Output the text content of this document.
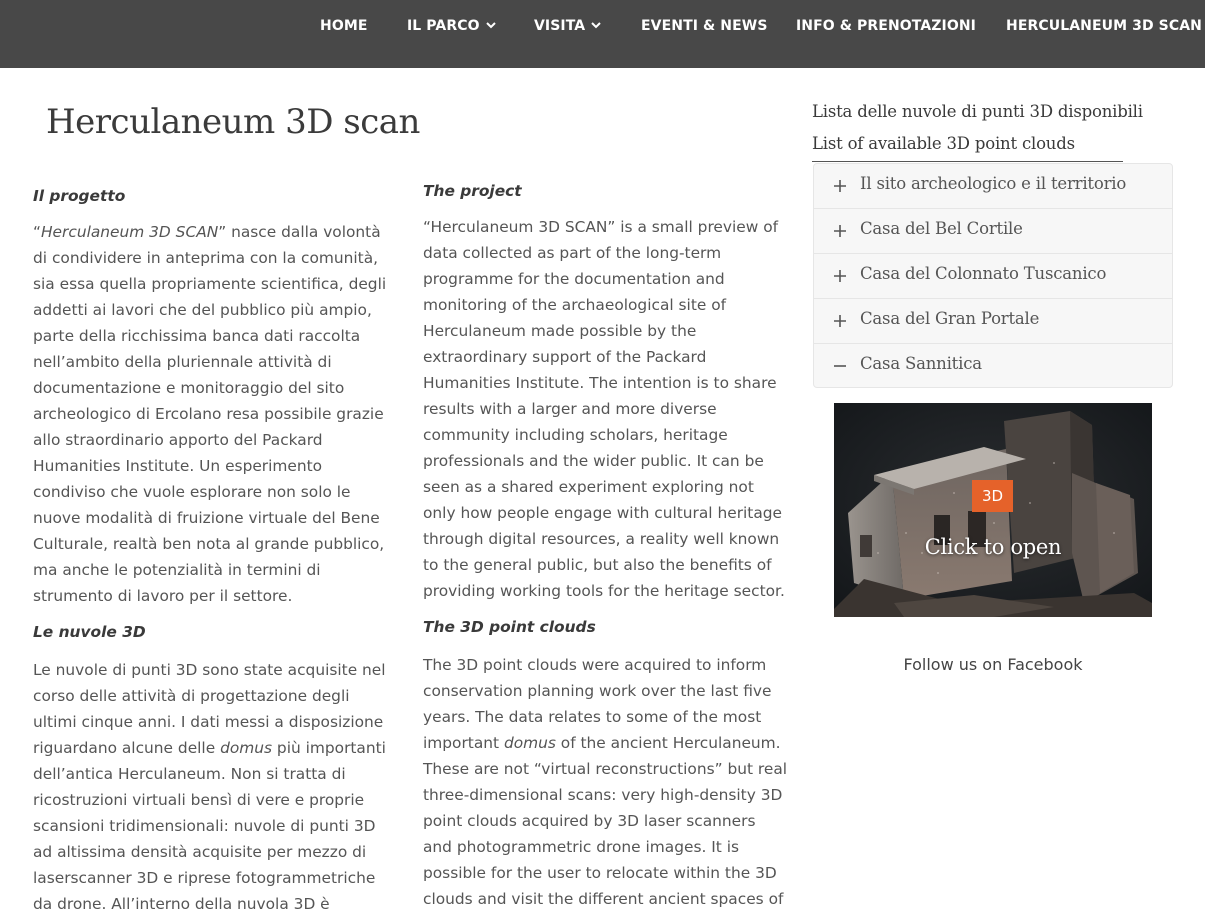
HOME	IL PARCO	VISITA	EVENTI & NEWS INFO & PRENOTAZIONI HERCULANEUM 3D SCAN
Herculaneum 3D scan
Il progetto

“Herculaneum 3D SCAN” nasce dalla volontà di condividere in anteprima con la comunità, sia essa quella propriamente scientifica, degli addetti ai lavori che del pubblico più ampio, parte della ricchissima banca dati raccolta nell’ambito della pluriennale attività di documentazione e monitoraggio del sito archeologico di Ercolano resa possibile grazie allo straordinario apporto del Packard Humanities Institute. Un esperimento condiviso che vuole esplorare non solo le nuove modalità di fruizione virtuale del Bene Culturale, realtà ben nota al grande pubblico, ma anche le potenzialità in termini di strumento di lavoro per il settore.

Le nuvole 3D

Le nuvole di punti 3D sono state acquisite nel corso delle attività di progettazione degli ultimi cinque anni. I dati messi a disposizione riguardano alcune delle domus più importanti dell’antica Herculaneum. Non si tratta di ricostruzioni virtuali bensì di vere e proprie scansioni tridimensionali: nuvole di punti 3D ad altissima densità acquisite per mezzo di laserscanner 3D e riprese fotogrammetriche da drone. All’interno della nuvola 3D è

The project

“Herculaneum 3D SCAN” is a small preview of data collected as part of the long-term programme for the documentation and monitoring of the archaeological site of Herculaneum made possible by the extraordinary support of the Packard Humanities Institute. The intention is to share results with a larger and more diverse community including scholars, heritage professionals and the wider public. It can be seen as a shared experiment exploring not only how people engage with cultural heritage through digital resources, a reality well known to the general public, but also the benefits of providing working tools for the heritage sector.

The 3D point clouds

The 3D point clouds were acquired to inform conservation planning work over the last five years. The data relates to some of the most important domus of the ancient Herculaneum. These are not “virtual reconstructions” but real three-dimensional scans: very high-density 3D point clouds acquired by 3D laser scanners and photogrammetric drone images. It is possible for the user to relocate within the 3D clouds and visit the different ancient spaces of

Lista delle nuvole di punti 3D disponibili
List of available 3D point clouds
Il sito archeologico e il territorio
Casa del Bel Cortile
Casa del Colonnato Tuscanico
Casa del Gran Portale
Casa Sannitica
3D
Click to open
Follow us on Facebook
